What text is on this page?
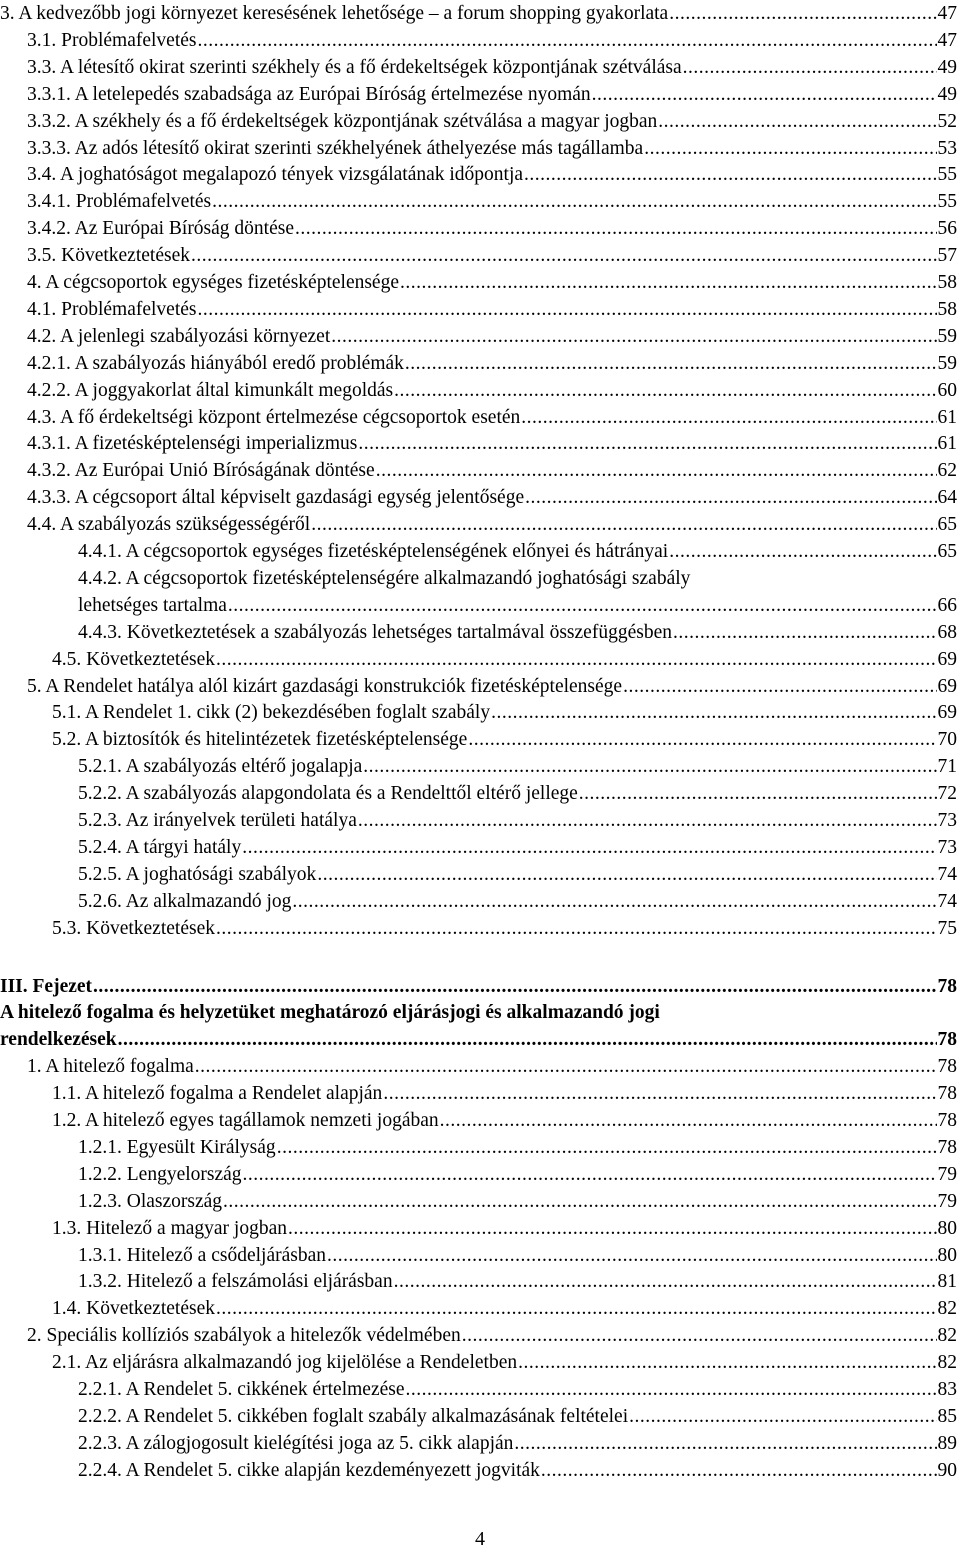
3. A kedvezőbb jogi környezet keresésének lehetősége – a forum shopping gyakorlata .....	47
3.1. Problémafelvetés .....	47
3.3. A létesítő okirat szerinti székhely és a fő érdekeltségek központjának szétválása .....	49
3.3.1. A letelepedés szabadsága az Európai Bíróság értelmezése nyomán .....	49
3.3.2. A székhely és a fő érdekeltségek központjának szétválása a magyar jogban .....	52
3.3.3. Az adós létesítő okirat szerinti székhelyének áthelyezése más tagállamba .....	53
3.4. A joghatóságot megalapozó tények vizsgálatának időpontja .....	55
3.4.1. Problémafelvetés .....	55
3.4.2. Az Európai Bíróság döntése .....	56
3.5. Következtetések .....	57
4. A cégcsoportok egységes fizetésképtelensége .....	58
4.1. Problémafelvetés .....	58
4.2. A jelenlegi szabályozási környezet .....	59
4.2.1. A szabályozás hiányából eredő problémák .....	59
4.2.2. A joggyakorlat által kimunkált megoldás .....	60
4.3. A fő érdekeltségi központ értelmezése cégcsoportok esetén .....	61
4.3.1. A fizetésképtelenségi imperializmus .....	61
4.3.2. Az Európai Unió Bíróságának döntése .....	62
4.3.3. A cégcsoport által képviselt gazdasági egység jelentősége .....	64
4.4. A szabályozás szükségességéről .....	65
4.4.1. A cégcsoportok egységes fizetésképtelenségének előnyei és hátrányai .....	65
4.4.2. A cégcsoportok fizetésképtelenségére alkalmazandó joghatósági szabály
lehetséges tartalma .....	66
4.4.3. Következtetések a szabályozás lehetséges tartalmával összefüggésben .....	68
4.5. Következtetések .....	69
5. A Rendelet hatálya alól kizárt gazdasági konstrukciók fizetésképtelensége .....	69
5.1. A Rendelet 1. cikk (2) bekezdésében foglalt szabály .....	69
5.2. A biztosítók és hitelintézetek fizetésképtelensége .....	70
5.2.1. A szabályozás eltérő jogalapja .....	71
5.2.2. A szabályozás alapgondolata és a Rendelttől eltérő jellege .....	72
5.2.3. Az irányelvek területi hatálya .....	73
5.2.4. A tárgyi hatály .....	73
5.2.5. A joghatósági szabályok .....	74
5.2.6. Az alkalmazandó jog .....	74
5.3. Következtetések .....	75
III. Fejezet .....	78
A hitelező fogalma és helyzetüket meghatározó eljárásjogi és alkalmazandó jogi
rendelkezések .....	78
1. A hitelező fogalma .....	78
1.1. A hitelező fogalma a Rendelet alapján .....	78
1.2. A hitelező egyes tagállamok nemzeti jogában .....	78
1.2.1. Egyesült Királyság .....	78
1.2.2. Lengyelország .....	79
1.2.3. Olaszország .....	79
1.3. Hitelező a magyar jogban .....	80
1.3.1. Hitelező a csődeljárásban .....	80
1.3.2. Hitelező a felszámolási eljárásban .....	81
1.4. Következtetések .....	82
2. Speciális kollíziós szabályok a hitelezők védelmében .....	82
2.1. Az eljárásra alkalmazandó jog kijelölése a Rendeletben .....	82
2.2.1. A Rendelet 5. cikkének értelmezése .....	83
2.2.2. A Rendelet 5. cikkében foglalt szabály alkalmazásának feltételei .....	85
2.2.3. A zálogjogosult kielégítési joga az 5. cikk alapján .....	89
2.2.4. A Rendelet 5. cikke alapján kezdeményezett jogviták .....	90
4
